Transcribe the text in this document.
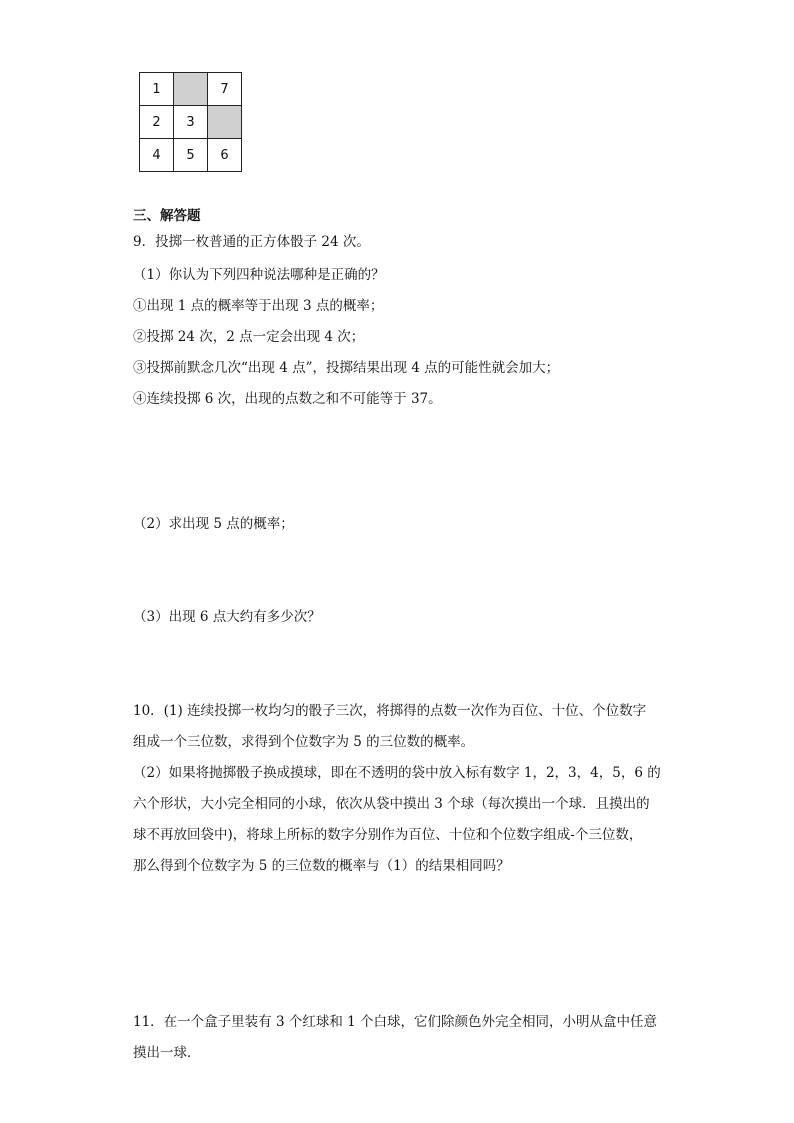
1		7
2	3	
4	5	6
三、解答题
9．投掷一枚普通的正方体骰子 24 次。
（1）你认为下列四种说法哪种是正确的？
①出现 1 点的概率等于出现 3 点的概率；
②投掷 24 次，2 点一定会出现 4 次；
③投掷前默念几次“出现 4 点”，投掷结果出现 4 点的可能性就会加大；
④连续投掷 6 次，出现的点数之和不可能等于 37。
（2）求出现 5 点的概率；
（3）出现 6 点大约有多少次？
10．(1) 连续投掷一枚均匀的骰子三次，将掷得的点数一次作为百位、十位、个位数字
组成一个三位数，求得到个位数字为 5 的三位数的概率。
（2）如果将抛掷骰子换成摸球，即在不透明的袋中放入标有数字 1，2，3，4，5，6 的
六个形状，大小完全相同的小球，依次从袋中摸出 3 个球（每次摸出一个球．且摸出的
球不再放回袋中)，将球上所标的数字分别作为百位、十位和个位数字组成-个三位数，
那么得到个位数字为 5 的三位数的概率与（1）的结果相同吗？
11．在一个盒子里装有 3 个红球和 1 个白球，它们除颜色外完全相同，小明从盒中任意
摸出一球．
